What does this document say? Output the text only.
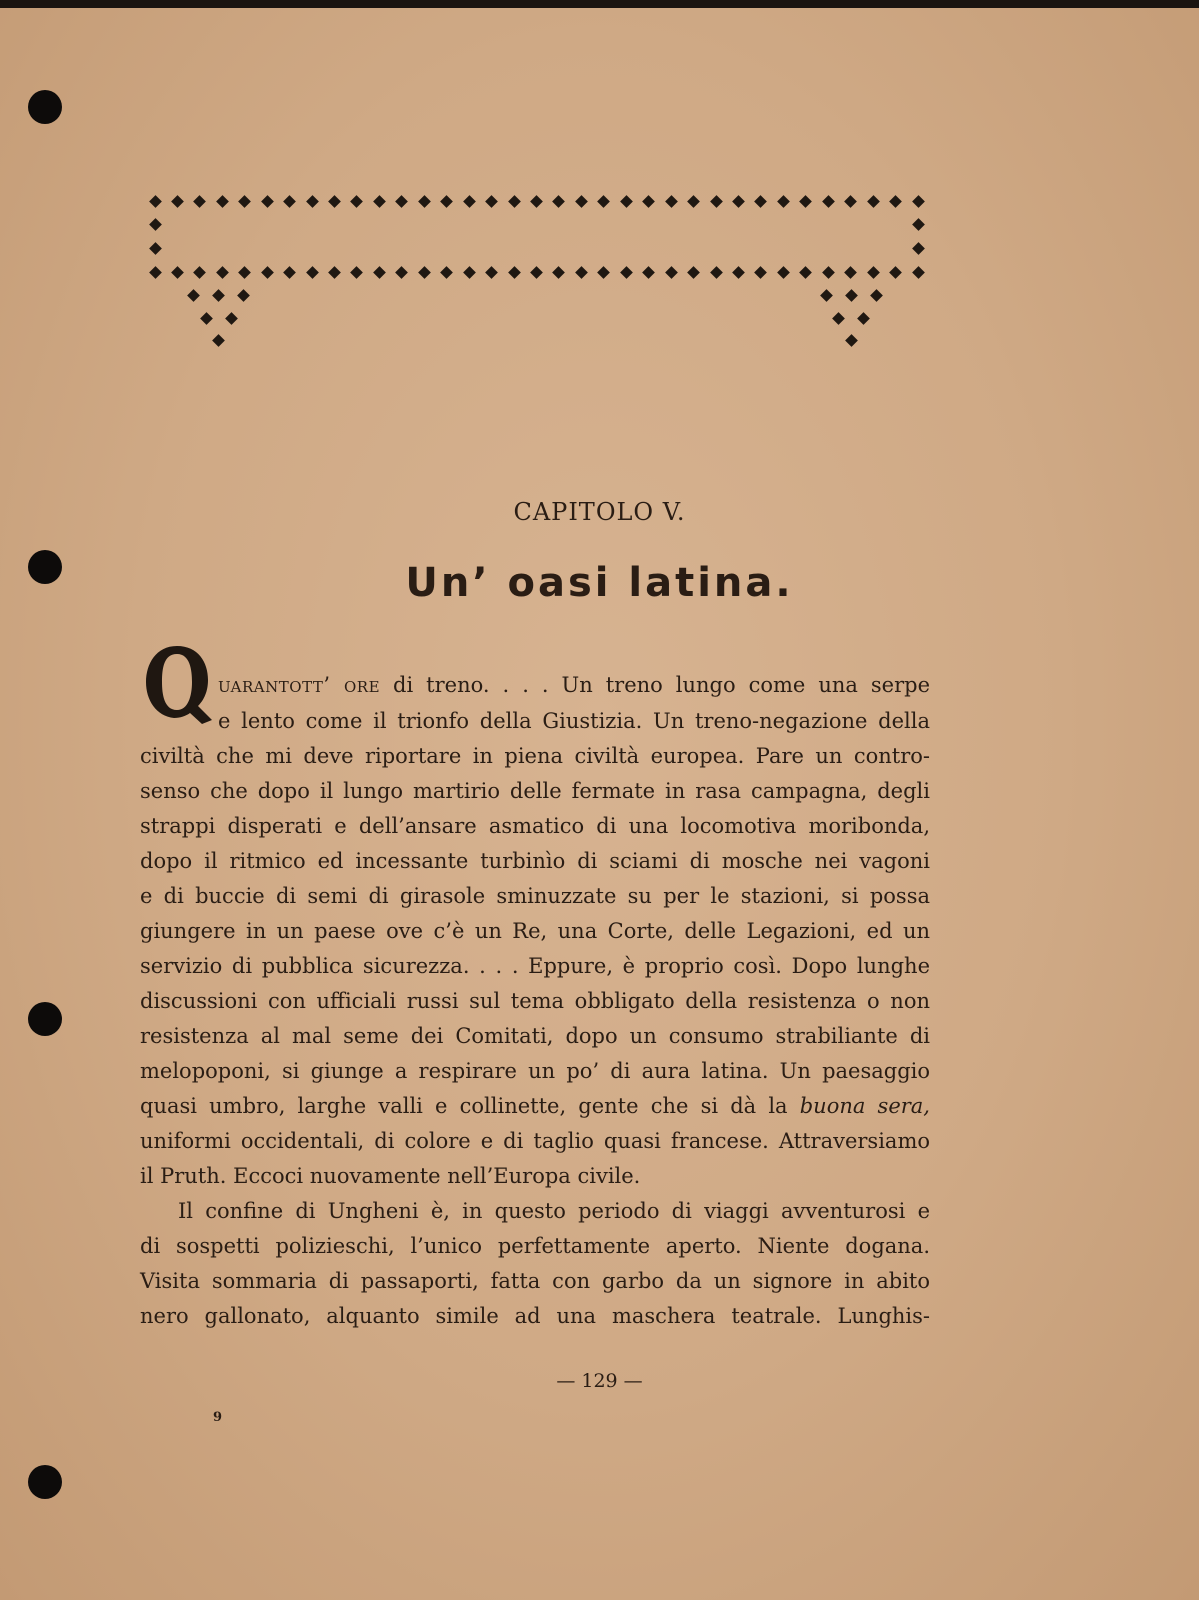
CAPITOLO V.
Un’ oasi latina.
uarantott’ ore di treno. . . . Un treno lungo come una serpe
e lento come il trionfo della Giustizia. Un treno-negazione della
civiltà che mi deve riportare in piena civiltà europea. Pare un contro-
senso che dopo il lungo martirio delle fermate in rasa campagna, degli
strappi disperati e dell’ansare asmatico di una locomotiva moribonda,
dopo il ritmico ed incessante turbinìo di sciami di mosche nei vagoni
e di buccie di semi di girasole sminuzzate su per le stazioni, si possa
giungere in un paese ove c’è un Re, una Corte, delle Legazioni, ed un
servizio di pubblica sicurezza. . . . Eppure, è proprio così. Dopo lunghe
discussioni con ufficiali russi sul tema obbligato della resistenza o non
resistenza al mal seme dei Comitati, dopo un consumo strabiliante di
melopoponi, si giunge a respirare un po’ di aura latina. Un paesaggio
quasi umbro, larghe valli e collinette, gente che si dà la buona sera,
uniformi occidentali, di colore e di taglio quasi francese. Attraversiamo
il Pruth. Eccoci nuovamente nell’Europa civile.
Il confine di Ungheni è, in questo periodo di viaggi avventurosi e
di sospetti polizieschi, l’unico perfettamente aperto. Niente dogana.
Visita sommaria di passaporti, fatta con garbo da un signore in abito
nero gallonato, alquanto simile ad una maschera teatrale. Lunghis-
— 129 —
9
